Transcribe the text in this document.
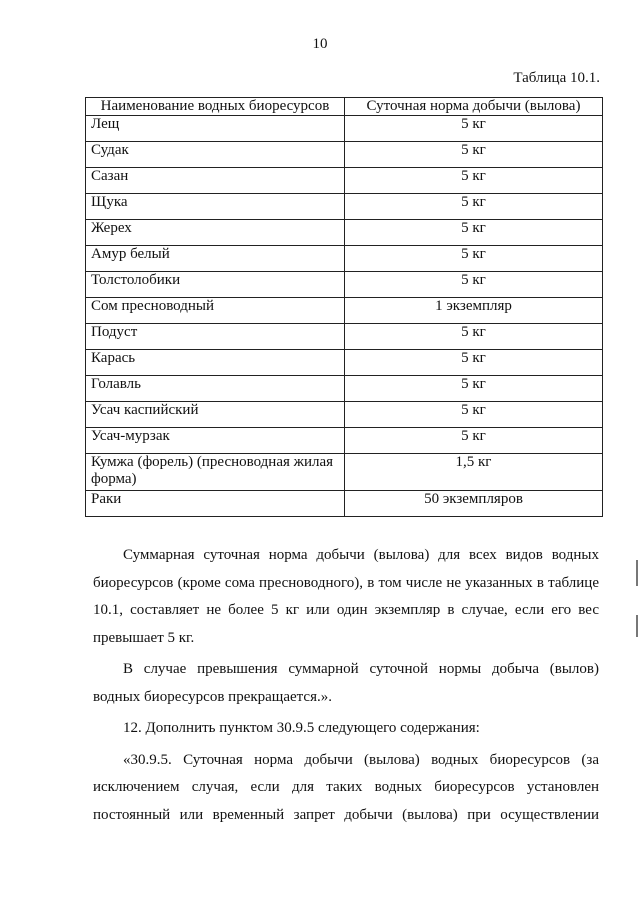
10
Таблица 10.1.
Наименование водных биоресурсов	Суточная норма добычи (вылова)
Лещ	5 кг
Судак	5 кг
Сазан	5 кг
Щука	5 кг
Жерех	5 кг
Амур белый	5 кг
Толстолобики	5 кг
Сом пресноводный	1 экземпляр
Подуст	5 кг
Карась	5 кг
Голавль	5 кг
Усач каспийский	5 кг
Усач-мурзак	5 кг
Кумжа (форель) (пресноводная жилая форма)	1,5 кг
Раки	50 экземпляров

Суммарная суточная норма добычи (вылова) для всех видов водных биоресурсов (кроме сома пресноводного), в том числе не указанных в таблице 10.1, составляет не более 5 кг или один экземпляр в случае, если его вес превышает 5 кг.

В случае превышения суммарной суточной нормы добыча (вылов) водных биоресурсов прекращается.».

12. Дополнить пунктом 30.9.5 следующего содержания:

«30.9.5. Суточная норма добычи (вылова) водных биоресурсов (за исключением случая, если для таких водных биоресурсов установлен постоянный или временный запрет добычи (вылова) при осуществлении
